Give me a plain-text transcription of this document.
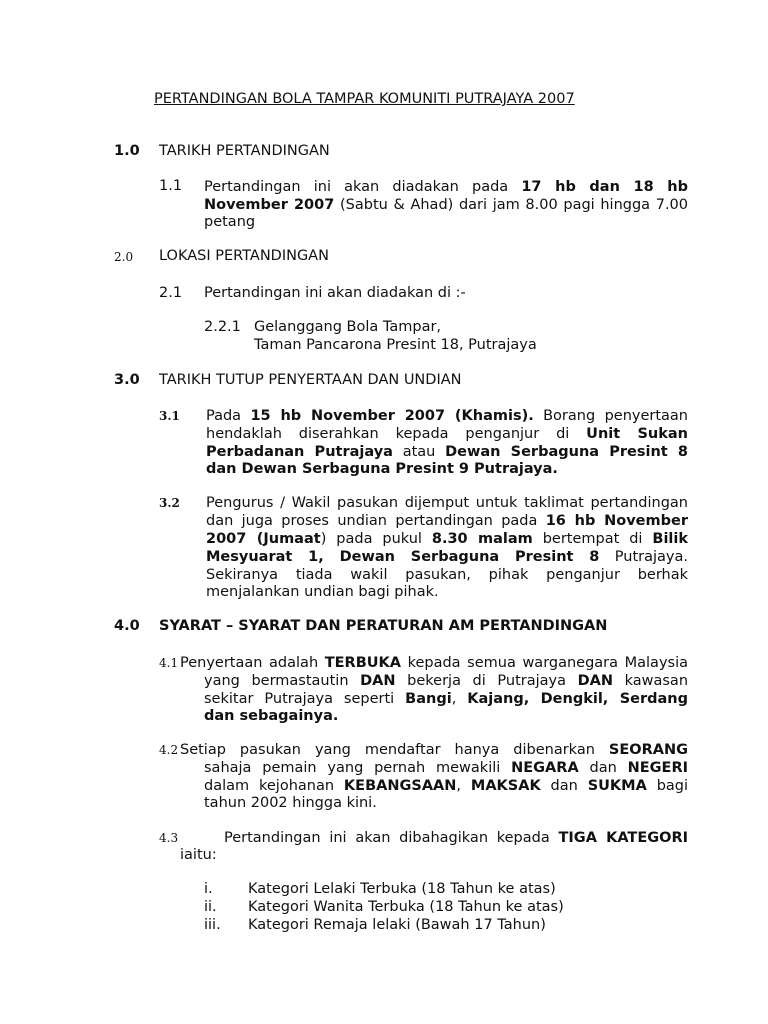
PERTANDINGAN BOLA TAMPAR KOMUNITI PUTRAJAYA 2007
1.0 TARIKH PERTANDINGAN
1.1 Pertandingan ini akan diadakan pada 17 hb dan 18 hb
November 2007 (Sabtu & Ahad) dari jam 8.00 pagi hingga 7.00
petang
2.0 LOKASI PERTANDINGAN
2.1 Pertandingan ini akan diadakan di :-
2.2.1 Gelanggang Bola Tampar,
Taman Pancarona Presint 18, Putrajaya
3.0 TARIKH TUTUP PENYERTAAN DAN UNDIAN
3.1 Pada 15 hb November 2007 (Khamis). Borang penyertaan
hendaklah diserahkan kepada penganjur di Unit Sukan
Perbadanan Putrajaya atau Dewan Serbaguna Presint 8
dan Dewan Serbaguna Presint 9 Putrajaya.
3.2 Pengurus / Wakil pasukan dijemput untuk taklimat pertandingan
dan juga proses undian pertandingan pada 16 hb November
2007 (Jumaat) pada pukul 8.30 malam bertempat di Bilik
Mesyuarat 1, Dewan Serbaguna Presint 8 Putrajaya.
Sekiranya tiada wakil pasukan, pihak penganjur berhak
menjalankan undian bagi pihak.
4.0 SYARAT – SYARAT DAN PERATURAN AM PERTANDINGAN
4.1 Penyertaan adalah TERBUKA kepada semua warganegara Malaysia
yang bermastautin DAN bekerja di Putrajaya DAN kawasan
sekitar Putrajaya seperti Bangi, Kajang, Dengkil, Serdang
dan sebagainya.
4.2 Setiap pasukan yang mendaftar hanya dibenarkan SEORANG
sahaja pemain yang pernah mewakili NEGARA dan NEGERI
dalam kejohanan KEBANGSAAN, MAKSAK dan SUKMA bagi
tahun 2002 hingga kini.
4.3	Pertandingan ini akan dibahagikan kepada TIGA KATEGORI
iaitu:
i. Kategori Lelaki Terbuka (18 Tahun ke atas)
ii. Kategori Wanita Terbuka (18 Tahun ke atas)
iii. Kategori Remaja lelaki (Bawah 17 Tahun)
